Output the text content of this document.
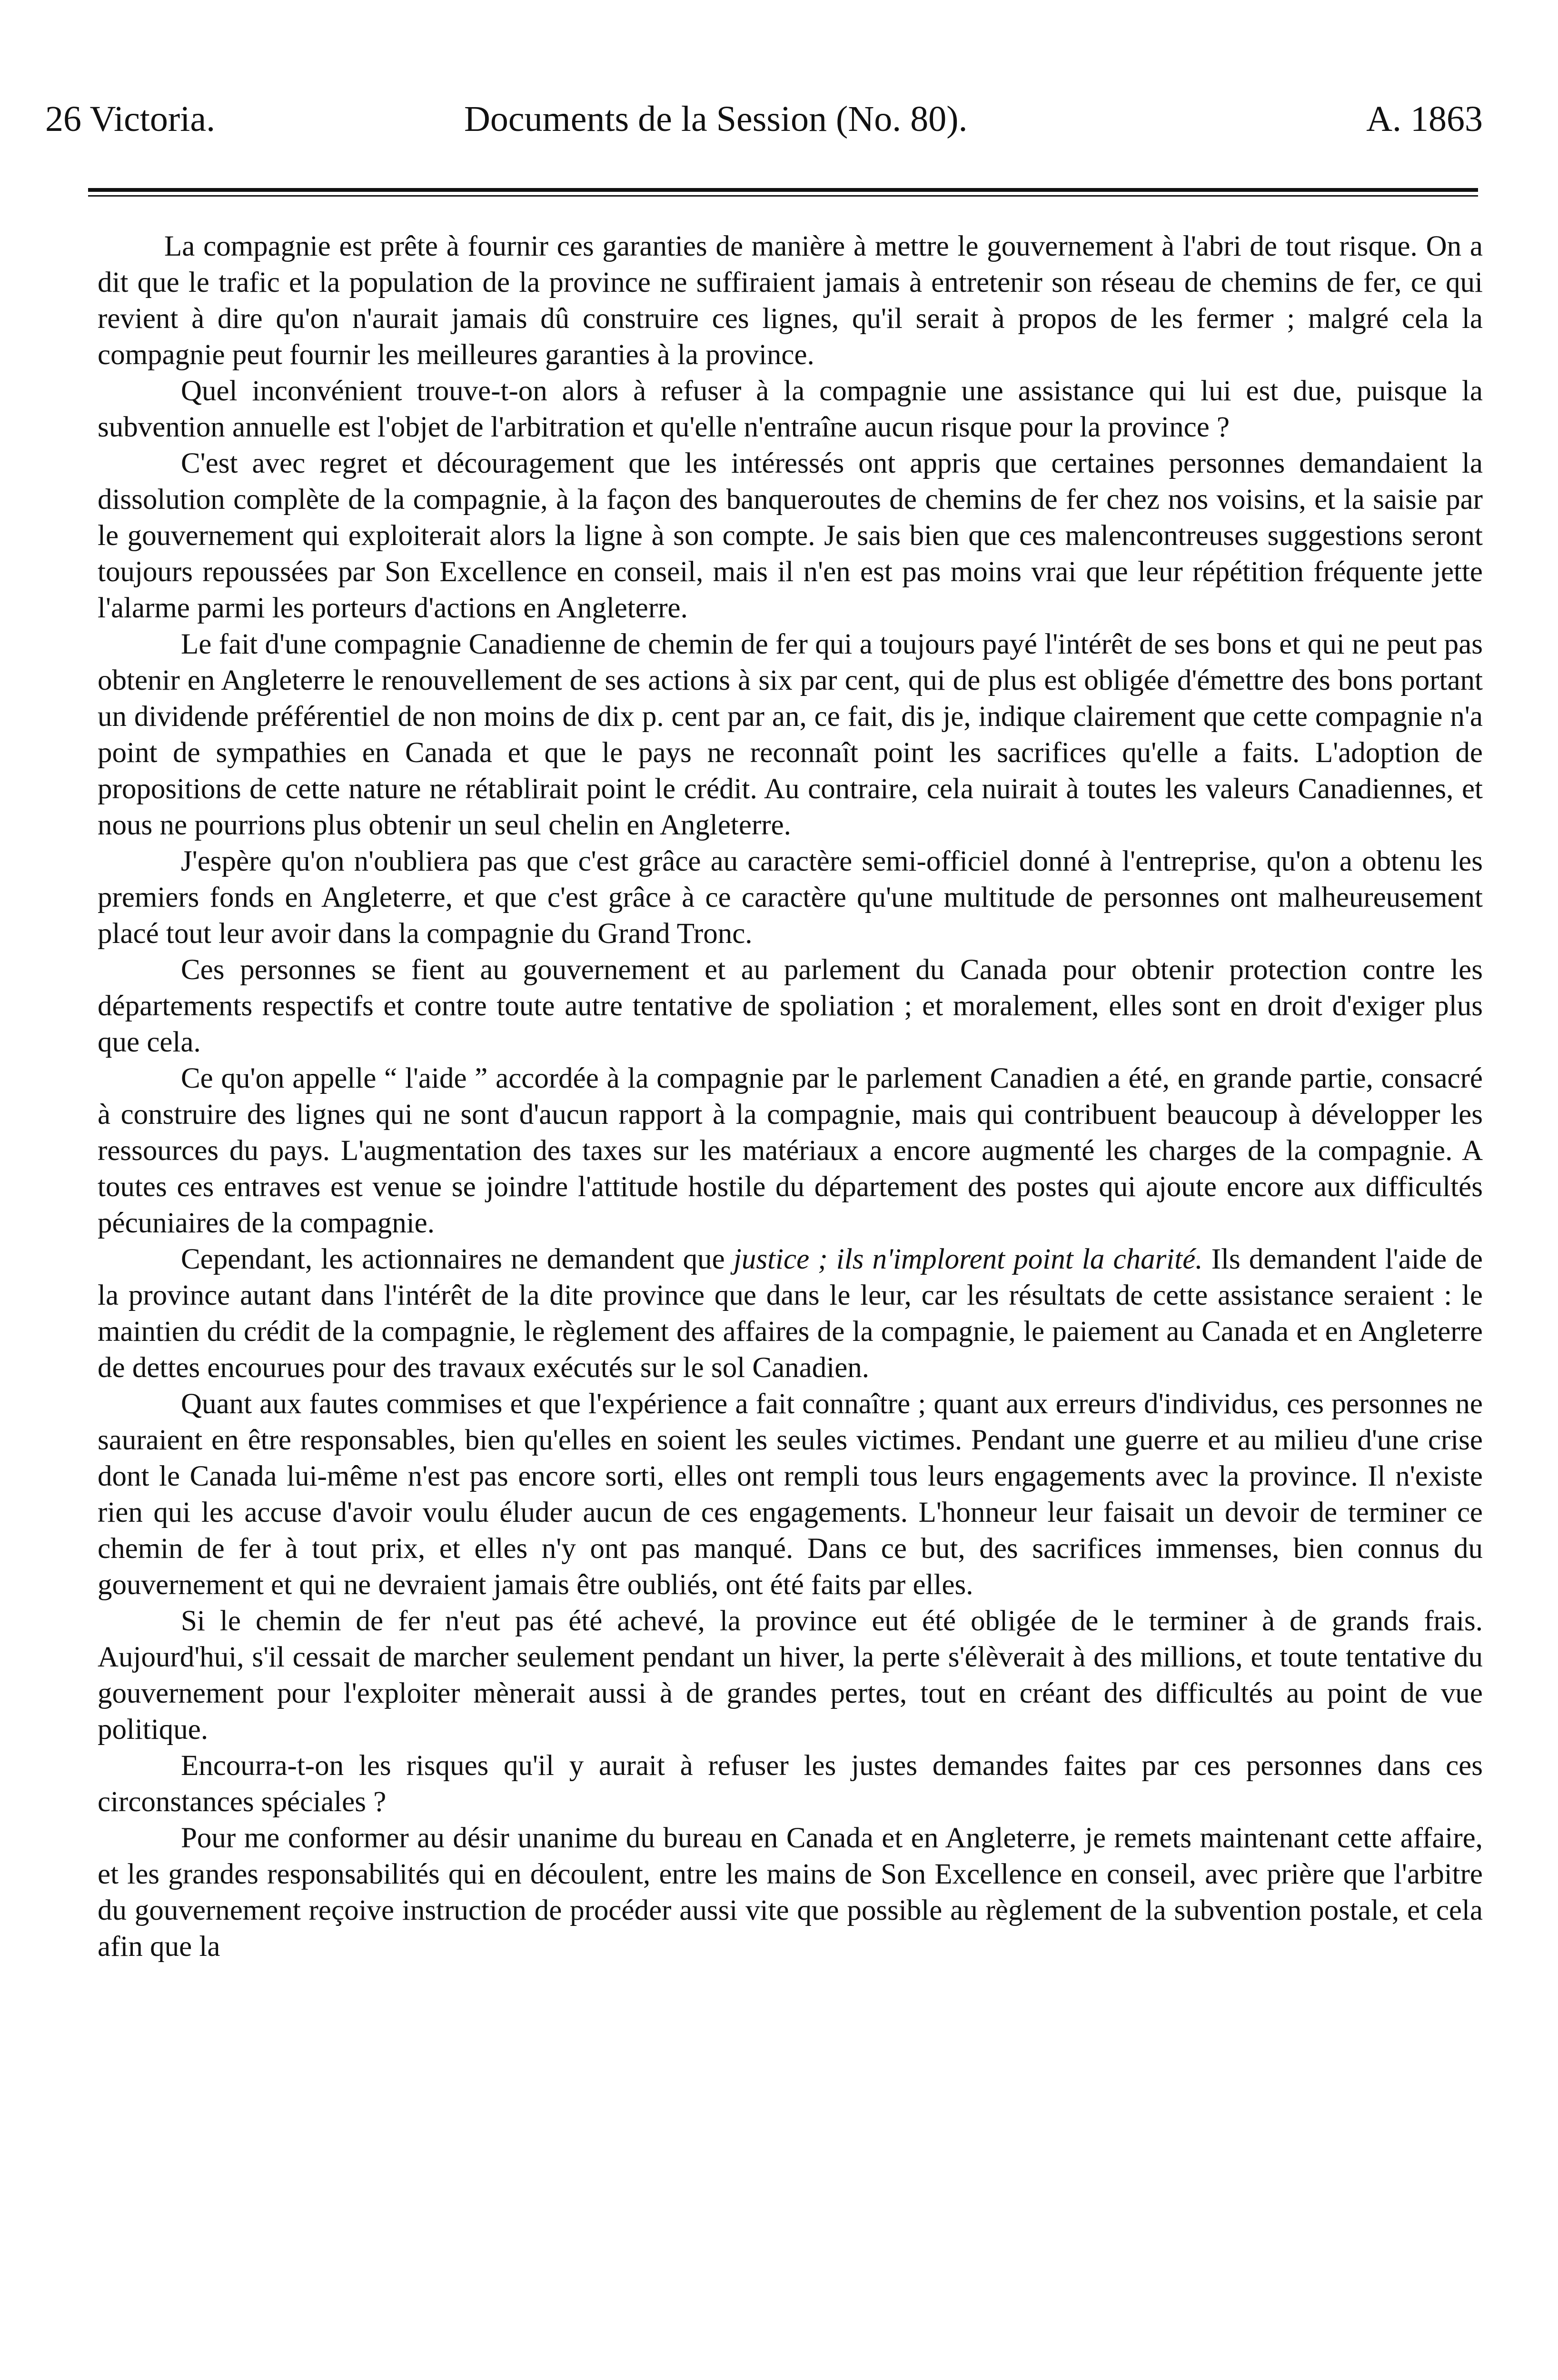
26 Victoria.	Documents de la Session (No. 80).	A. 1863

La compagnie est prête à fournir ces garanties de manière à mettre le gouvernement à l'abri de tout risque. On a dit que le trafic et la population de la province ne suffiraient jamais à entretenir son réseau de chemins de fer, ce qui revient à dire qu'on n'aurait jamais dû construire ces lignes, qu'il serait à propos de les fermer ; malgré cela la compagnie peut fournir les meilleures garanties à la province.

Quel inconvénient trouve-t-on alors à refuser à la compagnie une assistance qui lui est due, puisque la subvention annuelle est l'objet de l'arbitration et qu'elle n'entraîne aucun risque pour la province ?

C'est avec regret et découragement que les intéressés ont appris que certaines personnes demandaient la dissolution complète de la compagnie, à la façon des banqueroutes de chemins de fer chez nos voisins, et la saisie par le gouvernement qui exploiterait alors la ligne à son compte. Je sais bien que ces malencontreuses suggestions seront toujours repoussées par Son Excellence en conseil, mais il n'en est pas moins vrai que leur répétition fréquente jette l'alarme parmi les porteurs d'actions en Angleterre.

Le fait d'une compagnie Canadienne de chemin de fer qui a toujours payé l'intérêt de ses bons et qui ne peut pas obtenir en Angleterre le renouvellement de ses actions à six par cent, qui de plus est obligée d'émettre des bons portant un dividende préférentiel de non moins de dix p. cent par an, ce fait, dis je, indique clairement que cette compagnie n'a point de sympathies en Canada et que le pays ne reconnaît point les sacrifices qu'elle a faits. L'adoption de propositions de cette nature ne rétablirait point le crédit. Au contraire, cela nuirait à toutes les valeurs Canadiennes, et nous ne pourrions plus obtenir un seul chelin en Angleterre.

J'espère qu'on n'oubliera pas que c'est grâce au caractère semi-officiel donné à l'entreprise, qu'on a obtenu les premiers fonds en Angleterre, et que c'est grâce à ce caractère qu'une multitude de personnes ont malheureusement placé tout leur avoir dans la compagnie du Grand Tronc.

Ces personnes se fient au gouvernement et au parlement du Canada pour obtenir protection contre les départements respectifs et contre toute autre tentative de spoliation ; et moralement, elles sont en droit d'exiger plus que cela.

Ce qu'on appelle “ l'aide ” accordée à la compagnie par le parlement Canadien a été, en grande partie, consacré à construire des lignes qui ne sont d'aucun rapport à la compagnie, mais qui contribuent beaucoup à développer les ressources du pays. L'augmentation des taxes sur les matériaux a encore augmenté les charges de la compagnie. A toutes ces entraves est venue se joindre l'attitude hostile du département des postes qui ajoute encore aux difficultés pécuniaires de la compagnie.

Cependant, les actionnaires ne demandent que justice ; ils n'implorent point la charité. Ils demandent l'aide de la province autant dans l'intérêt de la dite province que dans le leur, car les résultats de cette assistance seraient : le maintien du crédit de la compagnie, le règlement des affaires de la compagnie, le paiement au Canada et en Angleterre de dettes encourues pour des travaux exécutés sur le sol Canadien.

Quant aux fautes commises et que l'expérience a fait connaître ; quant aux erreurs d'individus, ces personnes ne sauraient en être responsables, bien qu'elles en soient les seules victimes. Pendant une guerre et au milieu d'une crise dont le Canada lui-même n'est pas encore sorti, elles ont rempli tous leurs engagements avec la province. Il n'existe rien qui les accuse d'avoir voulu éluder aucun de ces engagements. L'honneur leur faisait un devoir de terminer ce chemin de fer à tout prix, et elles n'y ont pas manqué. Dans ce but, des sacrifices immenses, bien connus du gouvernement et qui ne devraient jamais être oubliés, ont été faits par elles.

Si le chemin de fer n'eut pas été achevé, la province eut été obligée de le terminer à de grands frais. Aujourd'hui, s'il cessait de marcher seulement pendant un hiver, la perte s'élèverait à des millions, et toute tentative du gouvernement pour l'exploiter mènerait aussi à de grandes pertes, tout en créant des difficultés au point de vue politique.

Encourra-t-on les risques qu'il y aurait à refuser les justes demandes faites par ces personnes dans ces circonstances spéciales ?

Pour me conformer au désir unanime du bureau en Canada et en Angleterre, je remets maintenant cette affaire, et les grandes responsabilités qui en découlent, entre les mains de Son Excellence en conseil, avec prière que l'arbitre du gouvernement reçoive instruction de procéder aussi vite que possible au règlement de la subvention postale, et cela afin que la
